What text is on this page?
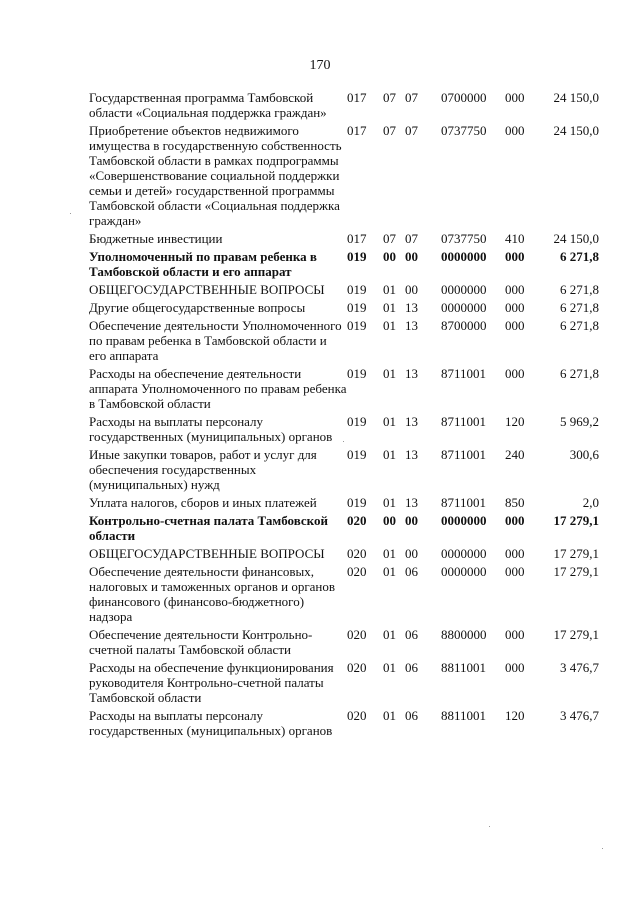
170
Государственная программа Тамбовской области «Социальная поддержка граждан»	017	07	07	0700000	000	24 150,0
Приобретение объектов недвижимого имущества в государственную собственность Тамбовской области в рамках подпрограммы «Совершенствование социальной поддержки семьи и детей» государственной программы Тамбовской области «Социальная поддержка граждан»	017	07	07	0737750	000	24 150,0
Бюджетные инвестиции	017	07	07	0737750	410	24 150,0
Уполномоченный по правам ребенка в Тамбовской области и его аппарат	019	00	00	0000000	000	6 271,8
ОБЩЕГОСУДАРСТВЕННЫЕ ВОПРОСЫ	019	01	00	0000000	000	6 271,8
Другие общегосударственные вопросы	019	01	13	0000000	000	6 271,8
Обеспечение деятельности Уполномоченного по правам ребенка в Тамбовской области и его аппарата	019	01	13	8700000	000	6 271,8
Расходы на обеспечение деятельности аппарата Уполномоченного по правам ребенка в Тамбовской области	019	01	13	8711001	000	6 271,8
Расходы на выплаты персоналу государственных (муниципальных) органов	019	01	13	8711001	120	5 969,2
Иные закупки товаров, работ и услуг для обеспечения государственных (муниципальных) нужд	019	01	13	8711001	240	300,6
Уплата налогов, сборов и иных платежей	019	01	13	8711001	850	2,0
Контрольно-счетная палата Тамбовской области	020	00	00	0000000	000	17 279,1
ОБЩЕГОСУДАРСТВЕННЫЕ ВОПРОСЫ	020	01	00	0000000	000	17 279,1
Обеспечение деятельности финансовых, налоговых и таможенных органов и органов финансового (финансово-бюджетного) надзора	020	01	06	0000000	000	17 279,1
Обеспечение деятельности Контрольно-счетной палаты Тамбовской области	020	01	06	8800000	000	17 279,1
Расходы на обеспечение функционирования руководителя Контрольно-счетной палаты Тамбовской области	020	01	06	8811001	000	3 476,7
Расходы на выплаты персоналу государственных (муниципальных) органов	020	01	06	8811001	120	3 476,7
